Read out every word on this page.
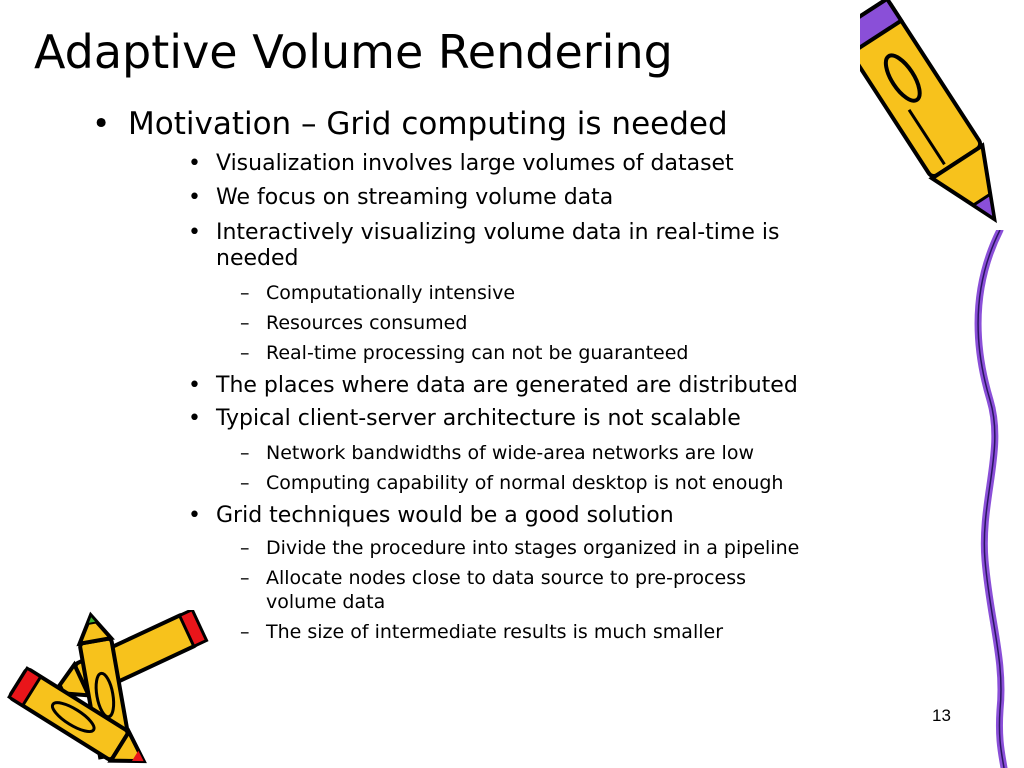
Adaptive Volume Rendering
• Motivation – Grid computing is needed
• Visualization involves large volumes of dataset
• We focus on streaming volume data
• Interactively visualizing volume data in real-time is
needed
– Computationally intensive
– Resources consumed
– Real-time processing can not be guaranteed
• The places where data are generated are distributed
• Typical client-server architecture is not scalable
– Network bandwidths of wide-area networks are low
– Computing capability of normal desktop is not enough
• Grid techniques would be a good solution
– Divide the procedure into stages organized in a pipeline
– Allocate nodes close to data source to pre-process
volume data
– The size of intermediate results is much smaller
13
